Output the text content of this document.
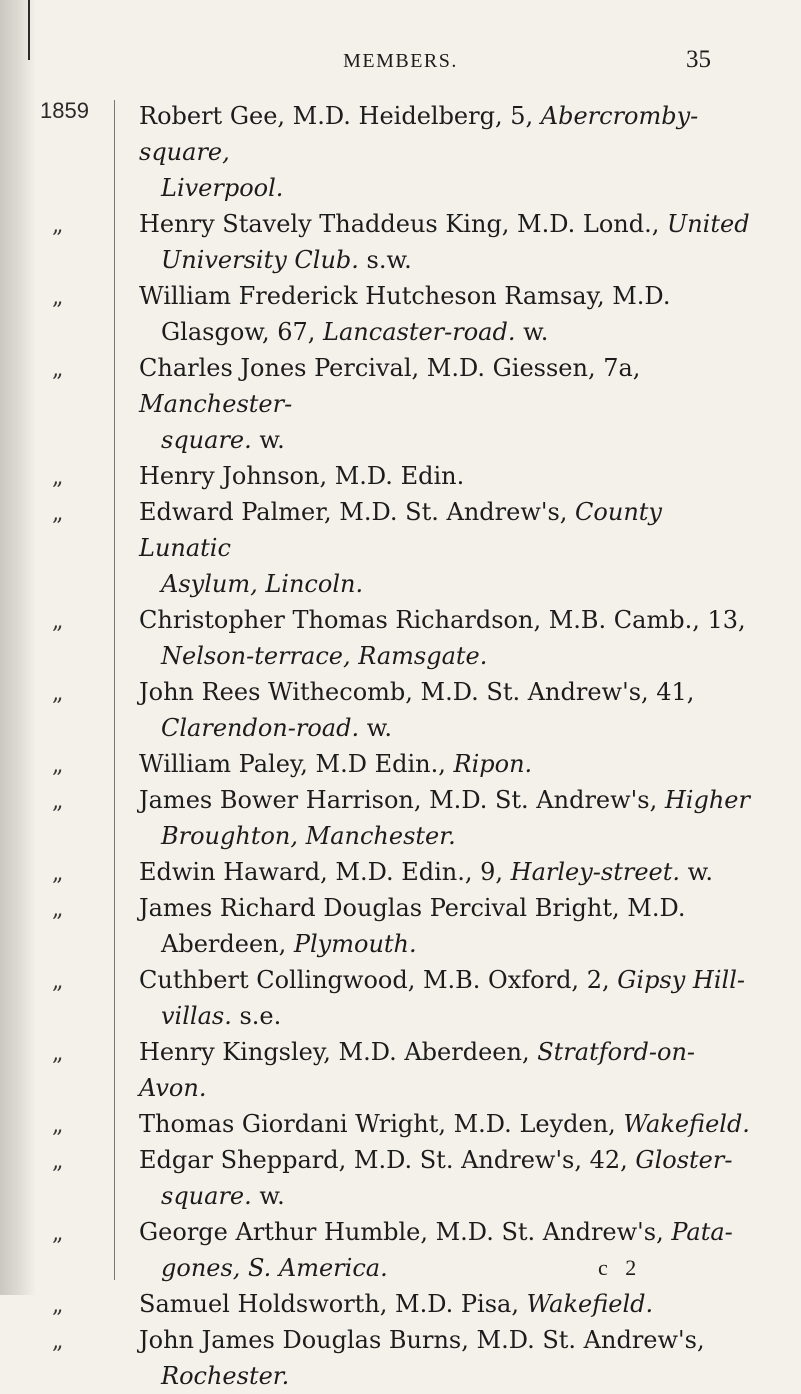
MEMBERS.	35
1859	Robert Gee, M.D. Heidelberg, 5, Abercromby-square,
Liverpool.
„	Henry Stavely Thaddeus King, M.D. Lond., United
University Club. s.w.
„	William Frederick Hutcheson Ramsay, M.D.
Glasgow, 67, Lancaster-road. w.
„	Charles Jones Percival, M.D. Giessen, 7a, Manchester-
square. w.
„	Henry Johnson, M.D. Edin.
„	Edward Palmer, M.D. St. Andrew's, County Lunatic
Asylum, Lincoln.
„	Christopher Thomas Richardson, M.B. Camb., 13,
Nelson-terrace, Ramsgate.
„	John Rees Withecomb, M.D. St. Andrew's, 41,
Clarendon-road. w.
„	William Paley, M.D Edin., Ripon.
„	James Bower Harrison, M.D. St. Andrew's, Higher
Broughton, Manchester.
„	Edwin Haward, M.D. Edin., 9, Harley-street. w.
„	James Richard Douglas Percival Bright, M.D.
Aberdeen, Plymouth.
„	Cuthbert Collingwood, M.B. Oxford, 2, Gipsy Hill-
villas. s.e.
„	Henry Kingsley, M.D. Aberdeen, Stratford-on-Avon.
„	Thomas Giordani Wright, M.D. Leyden, Wakefield.
„	Edgar Sheppard, M.D. St. Andrew's, 42, Gloster-
square. w.
„	George Arthur Humble, M.D. St. Andrew's, Pata-
gones, S. America.
„	Samuel Holdsworth, M.D. Pisa, Wakefield.
„	John James Douglas Burns, M.D. St. Andrew's,
Rochester.
c 2
